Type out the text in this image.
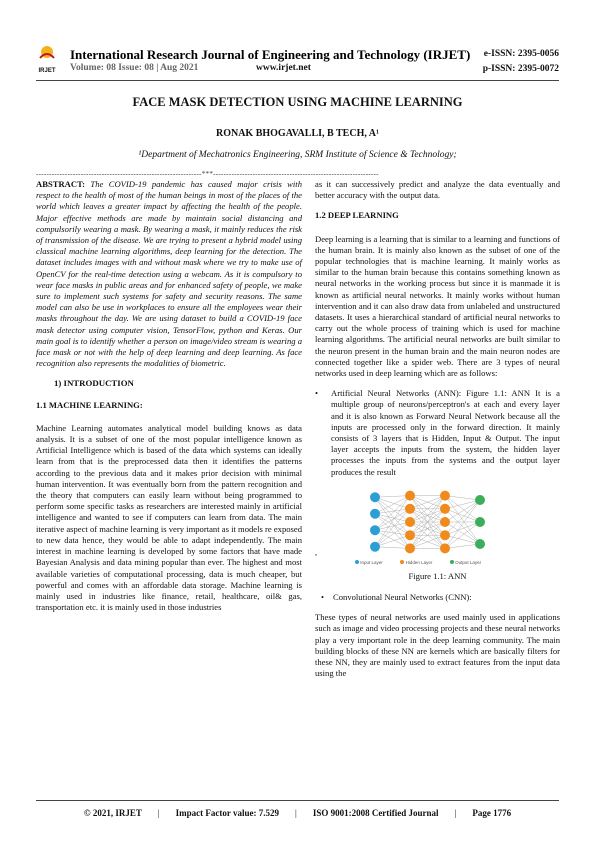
IRJET
International Research Journal of Engineering and Technology (IRJET)
Volume: 08 Issue: 08 | Aug 2021	www.irjet.net
e-ISSN: 2395-0056
p-ISSN: 2395-0072
FACE MASK DETECTION USING MACHINE LEARNING
RONAK BHOGAVALLI, B TECH, A¹
¹Department of Mechatronics Engineering, SRM Institute of Science & Technology;
---------------------------------------------------------------***---------------------------------------------------------------

ABSTRACT: The COVID-19 pandemic has caused major crisis with respect to the health of most of the human beings in most of the places of the world which leaves a greater impact by affecting the health of the people. Major effective methods are made by maintain social distancing and compulsorily wearing a mask. By wearing a mask, it mainly reduces the risk of transmission of the disease. We are trying to present a hybrid model using classical machine learning algorithms, deep learning for the detection. The dataset includes images with and without mask where we try to make use of OpenCV for the real-time detection using a webcam. As it is compulsory to wear face masks in public areas and for enhanced safety of people, we make sure to implement such systems for safety and security reasons. The same model can also be use in workplaces to ensure all the employees wear their masks throughout the day. We are using dataset to build a COVID-19 face mask detector using computer vision, TensorFlow, python and Keras. Our main goal is to identify whether a person on image/video stream is wearing a face mask or not with the help of deep learning and deep learning. As face recognition also represents the modalities of biometric.

1) INTRODUCTION
1.1 MACHINE LEARNING:

Machine Learning automates analytical model building knows as data analysis. It is a subset of one of the most popular intelligence known as Artificial Intelligence which is based of the data which systems can ideally learn from that is the preprocessed data then it identifies the patterns according to the previous data and it makes prior decision with minimal human intervention. It was eventually born from the pattern recognition and the theory that computers can easily learn without being programmed to perform some specific tasks as researchers are interested mainly in artificial intelligence and wanted to see if computers can learn from data. The main iterative aspect of machine learning is very important as it models re exposed to new data hence, they would be able to adapt independently. The main interest in machine learning is developed by some factors that have made Bayesian Analysis and data mining popular than ever. The highest and most available varieties of computational processing, data is much cheaper, but powerful and comes with an affordable data storage. Machine learning is mainly used in industries like finance, retail, healthcare, oil& gas, transportation etc. it is mainly used in those industries

as it can successively predict and analyze the data eventually and better accuracy with the output data.

1.2 DEEP LEARNING

Deep learning is a learning that is similar to a learning and functions of the human brain. It is mainly also known as the subset of one of the popular technologies that is machine learning. It mainly works as similar to the human brain because this contains something known as neural networks in the working process but since it is manmade it is known as artificial neural networks. It mainly works without human intervention and it can also draw data from unlabeled and unstructured datasets. It uses a hierarchical standard of artificial neural networks to carry out the whole process of training which is used for machine learning algorithms. The artificial neural networks are built similar to the neuron present in the human brain and the main neuron nodes are connected together like a spider web. There are 3 types of neural networks used in deep learning which are as follows:

• Artificial Neural Networks (ANN): Figure 1.1: ANN It is a multiple group of neurons/perceptron's at each and every layer and it is also known as Forward Neural Network because all the inputs are processed only in the forward direction. It mainly consists of 3 layers that is Hidden, Input & Output. The input layer accepts the inputs from the system, the hidden layer processes the inputs from the systems and the output layer produces the result
,
Input Layer	Hidden Layer	Output Layer
Figure 1.1: ANN
• Convolutional Neural Networks (CNN):

These types of neural networks are used mainly used in applications such as image and video processing projects and these neural networks play a very important role in the deep learning community. The main building blocks of these NN are kernels which are basically filters for these NN, they are mainly used to extract features from the input data using the

© 2021, IRJET | Impact Factor value: 7.529 | ISO 9001:2008 Certified Journal | Page 1776
